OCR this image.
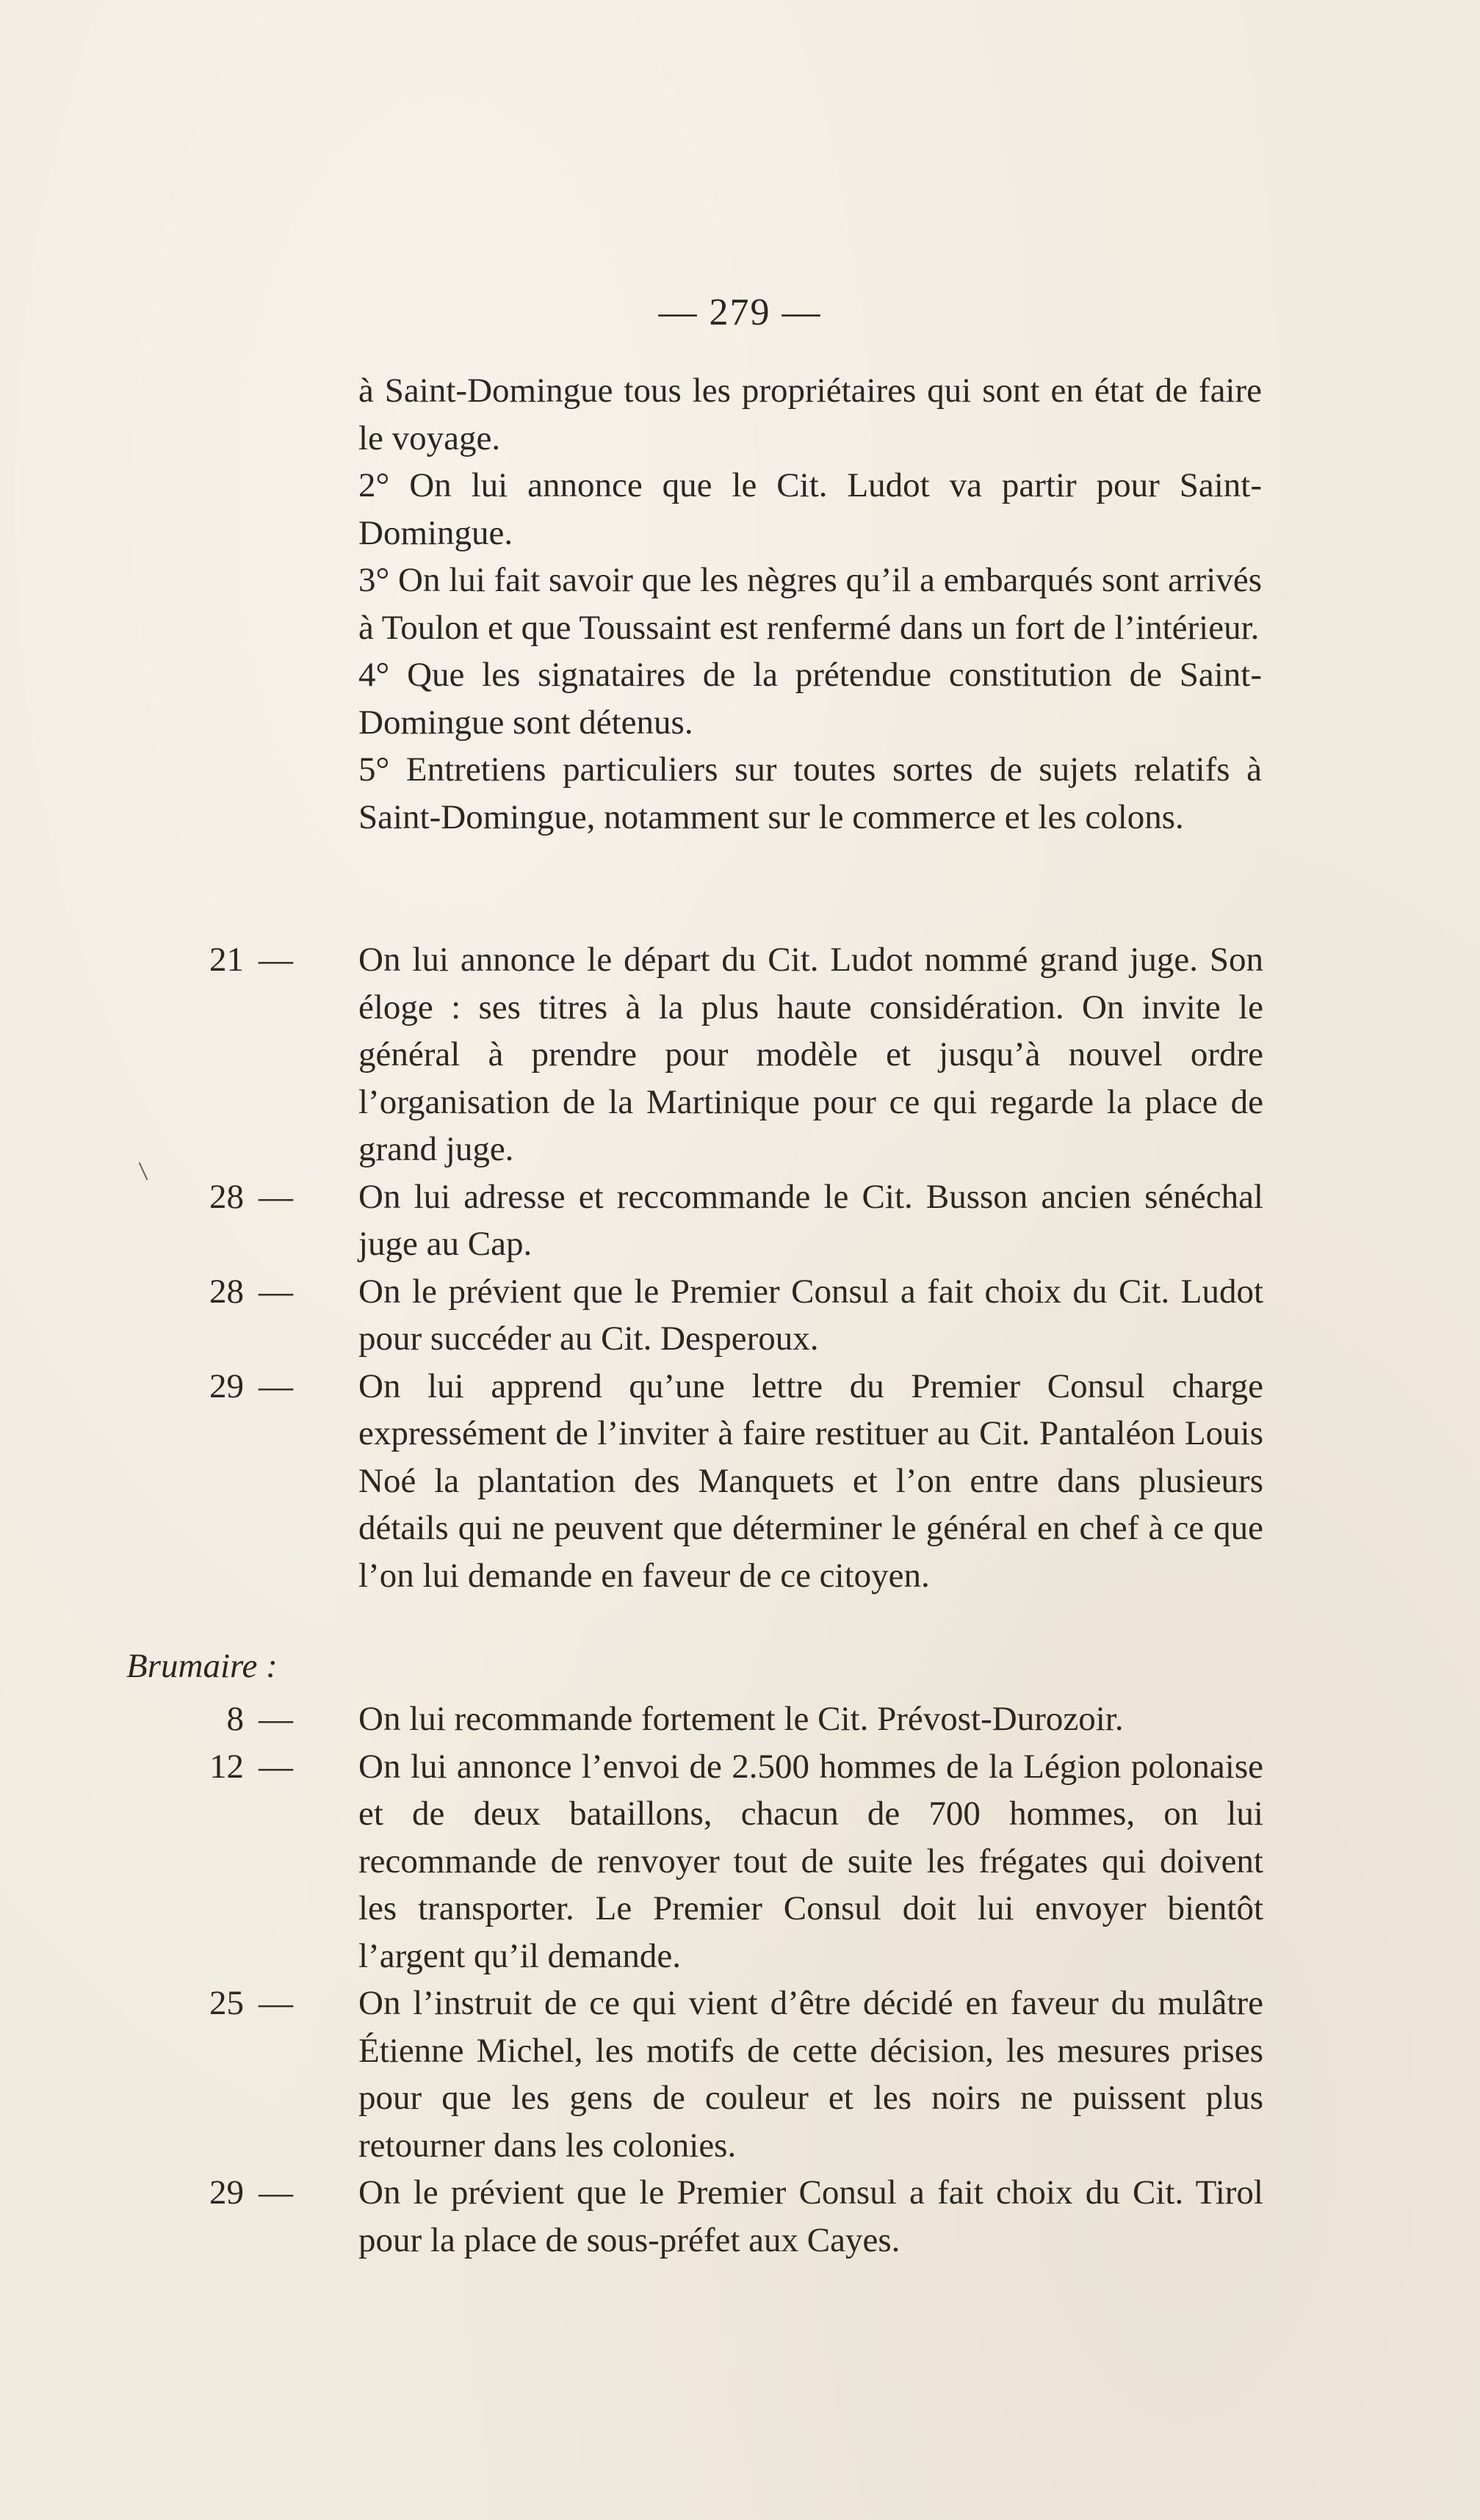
— 279 —

à Saint-Domingue tous les propriétaires qui sont en état de faire le voyage.

2° On lui annonce que le Cit. Ludot va partir pour Saint-Domingue.

3° On lui fait savoir que les nègres qu’il a embarqués sont arrivés à Toulon et que Toussaint est renfermé dans un fort de l’intérieur.

4° Que les signataires de la prétendue constitution de Saint-Domingue sont détenus.

5° Entretiens particuliers sur toutes sortes de sujets relatifs à Saint-Domingue, notamment sur le commerce et les colons.

21 — On lui annonce le départ du Cit. Ludot nommé grand juge. Son éloge : ses titres à la plus haute considération. On invite le général à prendre pour modèle et jusqu’à nouvel ordre l’organisation de la Martinique pour ce qui regarde la place de grand juge.
28 — On lui adresse et reccommande le Cit. Busson ancien sénéchal juge au Cap.
28 — On le prévient que le Premier Consul a fait choix du Cit. Ludot pour succéder au Cit. Desperoux.
29 — On lui apprend qu’une lettre du Premier Consul charge expressément de l’inviter à faire restituer au Cit. Pantaléon Louis Noé la plantation des Manquets et l’on entre dans plusieurs détails qui ne peuvent que déterminer le général en chef à ce que l’on lui demande en faveur de ce citoyen.
Brumaire :
8 — On lui recommande fortement le Cit. Prévost-Durozoir.
12 — On lui annonce l’envoi de 2.500 hommes de la Légion polonaise et de deux bataillons, chacun de 700 hommes, on lui recommande de renvoyer tout de suite les frégates qui doivent les transporter. Le Premier Consul doit lui envoyer bientôt l’argent qu’il demande.
25 — On l’instruit de ce qui vient d’être décidé en faveur du mulâtre Étienne Michel, les motifs de cette décision, les mesures prises pour que les gens de couleur et les noirs ne puissent plus retourner dans les colonies.
29 — On le prévient que le Premier Consul a fait choix du Cit. Tirol pour la place de sous-préfet aux Cayes.
